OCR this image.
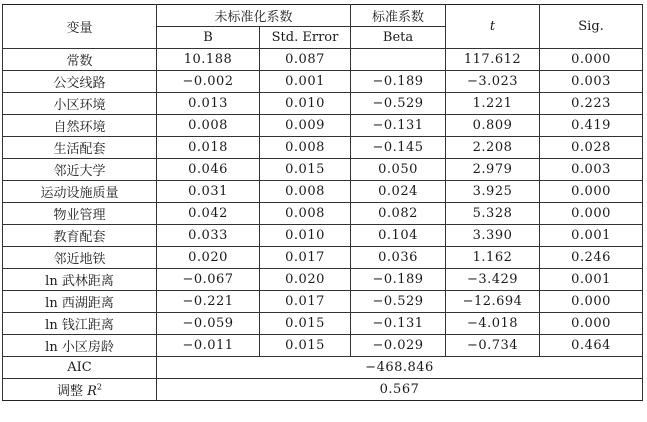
变量	未标准化系数		标准系数	t	Sig.
	B	Std. Error	Beta		
常数	10.188	0.087		117.612	0.000
公交线路	−0.002	0.001	−0.189	−3.023	0.003
小区环境	0.013	0.010	−0.529	1.221	0.223
自然环境	0.008	0.009	−0.131	0.809	0.419
生活配套	0.018	0.008	−0.145	2.208	0.028
邻近大学	0.046	0.015	0.050	2.979	0.003
运动设施质量	0.031	0.008	0.024	3.925	0.000
物业管理	0.042	0.008	0.082	5.328	0.000
教育配套	0.033	0.010	0.104	3.390	0.001
邻近地铁	0.020	0.017	0.036	1.162	0.246
ln 武林距离	−0.067	0.020	−0.189	−3.429	0.001
ln 西湖距离	−0.221	0.017	−0.529	−12.694	0.000
ln 钱江距离	−0.059	0.015	−0.131	−4.018	0.000
ln 小区房龄	−0.011	0.015	−0.029	−0.734	0.464
AIC	−468.846				
调整 $R^2$	0.567				
